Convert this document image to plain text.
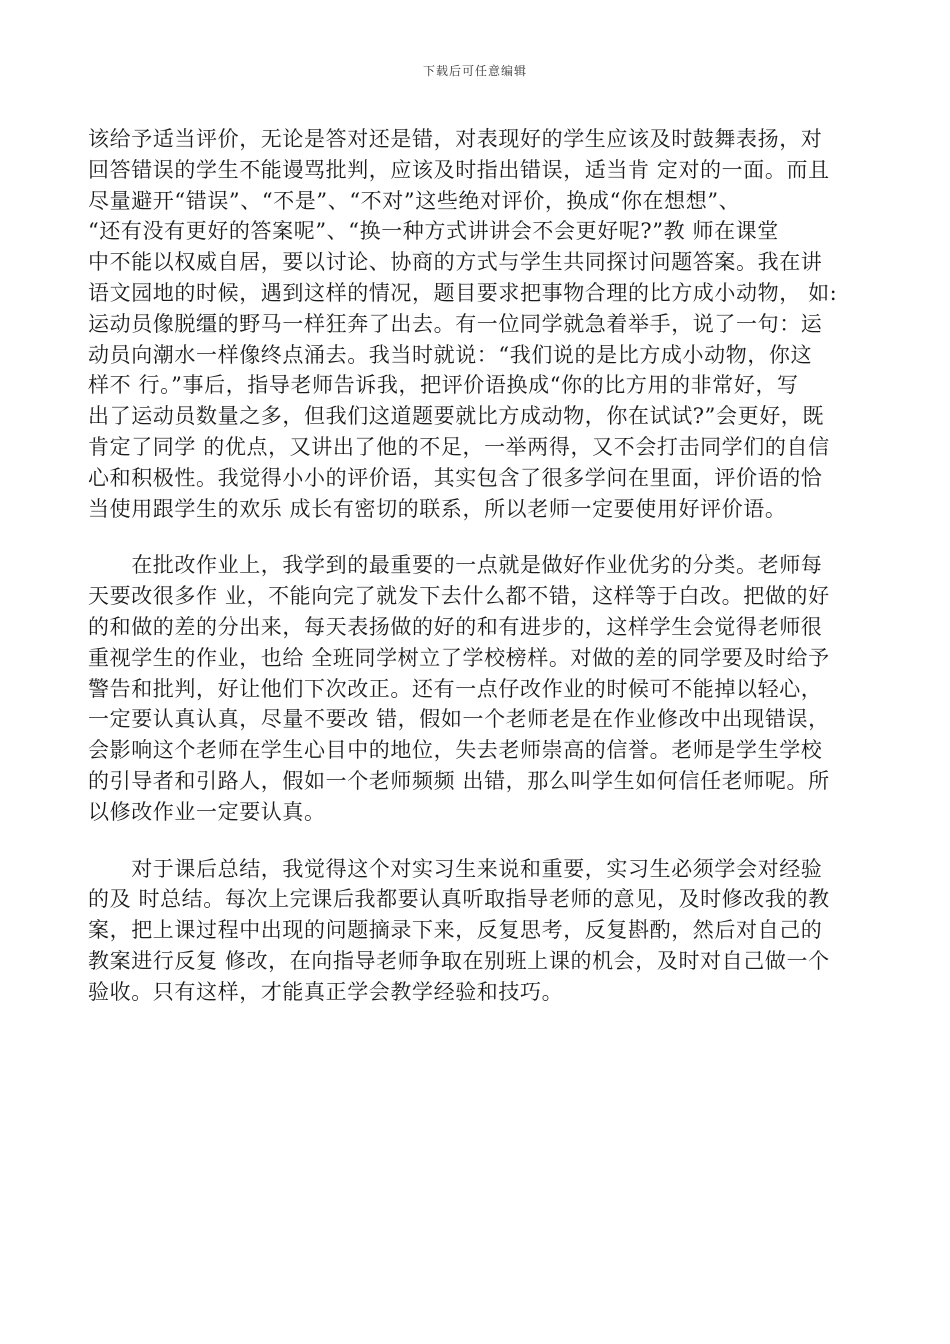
下载后可任意编辑
该给予适当评价，无论是答对还是错，对表现好的学生应该及时鼓舞表扬，对
回答错误的学生不能谩骂批判，应该及时指出错误，适当肯 定对的一面。而且
尽量避开“错误”、“不是”、“不对”这些绝对评价，换成“你在想想”、
“还有没有更好的答案呢”、“换一种方式讲讲会不会更好呢?”教 师在课堂
中不能以权威自居，要以讨论、协商的方式与学生共同探讨问题答案。我在讲
语文园地的时候，遇到这样的情况，题目要求把事物合理的比方成小动物， 如:
运动员像脱缰的野马一样狂奔了出去。有一位同学就急着举手，说了一句：运
动员向潮水一样像终点涌去。我当时就说：“我们说的是比方成小动物，你这
样不 行。”事后，指导老师告诉我，把评价语换成“你的比方用的非常好，写
出了运动员数量之多，但我们这道题要就比方成动物，你在试试?”会更好，既
肯定了同学 的优点，又讲出了他的不足，一举两得，又不会打击同学们的自信
心和积极性。我觉得小小的评价语，其实包含了很多学问在里面，评价语的恰
当使用跟学生的欢乐 成长有密切的联系，所以老师一定要使用好评价语。
　　在批改作业上，我学到的最重要的一点就是做好作业优劣的分类。老师每
天要改很多作 业，不能向完了就发下去什么都不错，这样等于白改。把做的好
的和做的差的分出来，每天表扬做的好的和有进步的，这样学生会觉得老师很
重视学生的作业，也给 全班同学树立了学校榜样。对做的差的同学要及时给予
警告和批判，好让他们下次改正。还有一点仔改作业的时候可不能掉以轻心，
一定要认真认真，尽量不要改 错，假如一个老师老是在作业修改中出现错误，
会影响这个老师在学生心目中的地位，失去老师崇高的信誉。老师是学生学校
的引导者和引路人，假如一个老师频频 出错，那么叫学生如何信任老师呢。所
以修改作业一定要认真。
　　对于课后总结，我觉得这个对实习生来说和重要，实习生必须学会对经验
的及 时总结。每次上完课后我都要认真听取指导老师的意见，及时修改我的教
案，把上课过程中出现的问题摘录下来，反复思考，反复斟酌，然后对自己的
教案进行反复 修改，在向指导老师争取在别班上课的机会，及时对自己做一个
验收。只有这样，才能真正学会教学经验和技巧。
